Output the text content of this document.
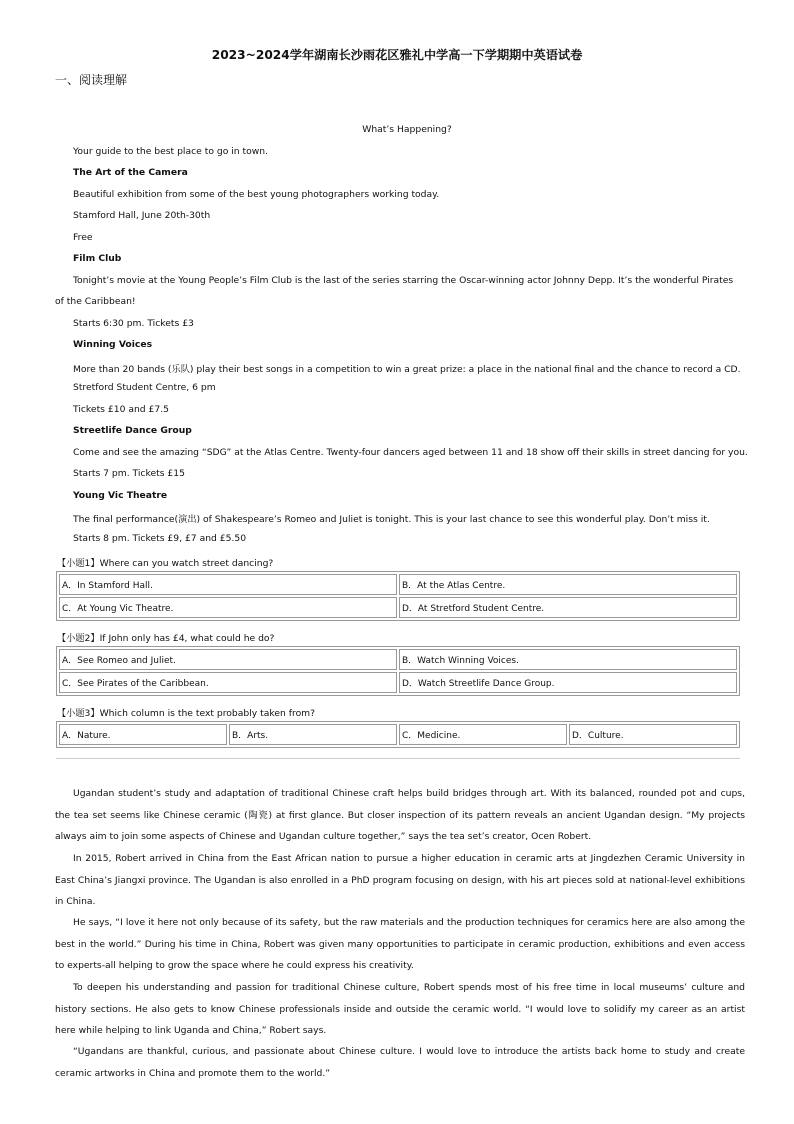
2023~2024学年湖南长沙雨花区雅礼中学高一下学期期中英语试卷
一、阅读理解
What’s Happening?
Your guide to the best place to go in town.
The Art of the Camera
Beautiful exhibition from some of the best young photographers working today.
Stamford Hall, June 20th-30th
Free
Film Club
Tonight’s movie at the Young People’s Film Club is the last of the series starring the Oscar-winning actor Johnny Depp. It’s the wonderful Pirates
of the Caribbean!
Starts 6:30 pm. Tickets £3
Winning Voices
More than 20 bands (乐队) play their best songs in a competition to win a great prize: a place in the national final and the chance to record a CD.
Stretford Student Centre, 6 pm
Tickets £10 and £7.5
Streetlife Dance Group
Come and see the amazing “SDG” at the Atlas Centre. Twenty-four dancers aged between 11 and 18 show off their skills in street dancing for you.
Starts 7 pm. Tickets £15
Young Vic Theatre
The final performance(演出) of Shakespeare’s Romeo and Juliet is tonight. This is your last chance to see this wonderful play. Don’t miss it.
Starts 8 pm. Tickets £9, £7 and £5.50
【小题1】Where can you watch street dancing?
A．In Stamford Hall.	B．At the Atlas Centre.
C．At Young Vic Theatre.	D．At Stretford Student Centre.
【小题2】If John only has £4, what could he do?
A．See Romeo and Juliet.	B．Watch Winning Voices.
C．See Pirates of the Caribbean.	D．Watch Streetlife Dance Group.
【小题3】Which column is the text probably taken from?
A．Nature.	B．Arts.	C．Medicine.	D．Culture.
Ugandan student’s study and adaptation of traditional Chinese craft helps build bridges through art. With its balanced, rounded pot and cups, the tea set seems like Chinese ceramic (陶瓷) at first glance. But closer inspection of its pattern reveals an ancient Ugandan design. “My projects always aim to join some aspects of Chinese and Ugandan culture together,” says the tea set’s creator, Ocen Robert.
In 2015, Robert arrived in China from the East African nation to pursue a higher education in ceramic arts at Jingdezhen Ceramic University in East China’s Jiangxi province. The Ugandan is also enrolled in a PhD program focusing on design, with his art pieces sold at national-level exhibitions in China.
He says, “I love it here not only because of its safety, but the raw materials and the production techniques for ceramics here are also among the best in the world.” During his time in China, Robert was given many opportunities to participate in ceramic production, exhibitions and even access to experts-all helping to grow the space where he could express his creativity.
To deepen his understanding and passion for traditional Chinese culture, Robert spends most of his free time in local museums’ culture and history sections. He also gets to know Chinese professionals inside and outside the ceramic world. “I would love to solidify my career as an artist here while helping to link Uganda and China,” Robert says.
“Ugandans are thankful, curious, and passionate about Chinese culture. I would love to introduce the artists back home to study and create ceramic artworks in China and promote them to the world.”
